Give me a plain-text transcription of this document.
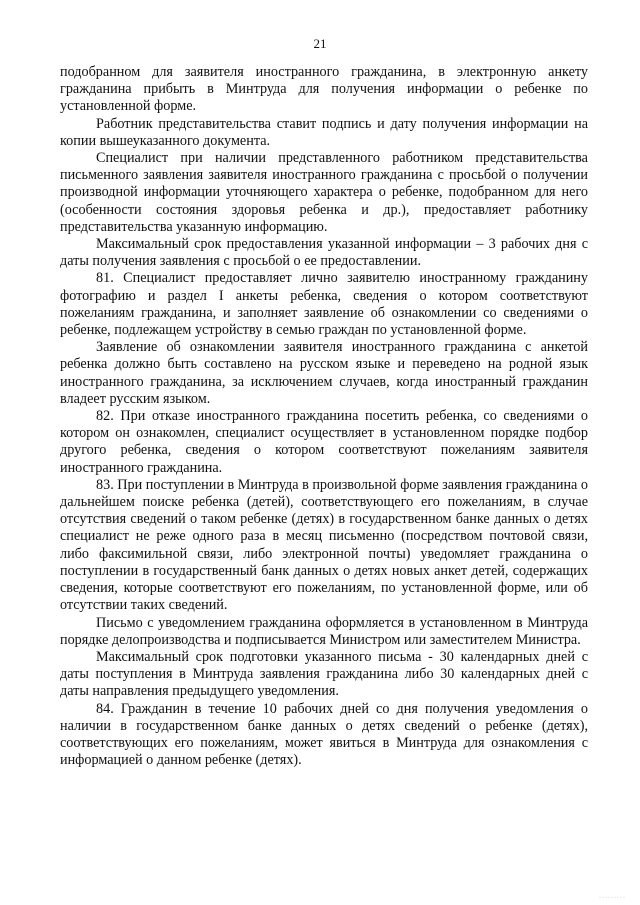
21

подобранном для заявителя иностранного гражданина, в электронную анкету гражданина прибыть в Минтруда для получения информации о ребенке по установленной форме.

Работник представительства ставит подпись и дату получения информации на копии вышеуказанного документа.

Специалист при наличии представленного работником представительства письменного заявления заявителя иностранного гражданина с просьбой о получении производной информации уточняющего характера о ребенке, подобранном для него (особенности состояния здоровья ребенка и др.), предоставляет работнику представительства указанную информацию.

Максимальный срок предоставления указанной информации – 3 рабочих дня с даты получения заявления с просьбой о ее предоставлении.

81. Специалист предоставляет лично заявителю иностранному гражданину фотографию и раздел I анкеты ребенка, сведения о котором соответствуют пожеланиям гражданина, и заполняет заявление об ознакомлении со сведениями о ребенке, подлежащем устройству в семью граждан по установленной форме.

Заявление об ознакомлении заявителя иностранного гражданина с анкетой ребенка должно быть составлено на русском языке и переведено на родной язык иностранного гражданина, за исключением случаев, когда иностранный гражданин владеет русским языком.

82. При отказе иностранного гражданина посетить ребенка, со сведениями о котором он ознакомлен, специалист осуществляет в установленном порядке подбор другого ребенка, сведения о котором соответствуют пожеланиям заявителя иностранного гражданина.

83. При поступлении в Минтруда в произвольной форме заявления гражданина о дальнейшем поиске ребенка (детей), соответствующего его пожеланиям, в случае отсутствия сведений о таком ребенке (детях) в государственном банке данных о детях специалист не реже одного раза в месяц письменно (посредством почтовой связи, либо факсимильной связи, либо электронной почты) уведомляет гражданина о поступлении в государственный банк данных о детях новых анкет детей, содержащих сведения, которые соответствуют его пожеланиям, по установленной форме, или об отсутствии таких сведений.

Письмо с уведомлением гражданина оформляется в установленном в Минтруда порядке делопроизводства и подписывается Министром или заместителем Министра.

Максимальный срок подготовки указанного письма - 30 календарных дней с даты поступления в Минтруда заявления гражданина либо 30 календарных дней с даты направления предыдущего уведомления.

84. Гражданин в течение 10 рабочих дней со дня получения уведомления о наличии в государственном банке данных о детях сведений о ребенке (детях), соответствующих его пожеланиям, может явиться в Минтруда для ознакомления с информацией о данном ребенке (детях).

·········
